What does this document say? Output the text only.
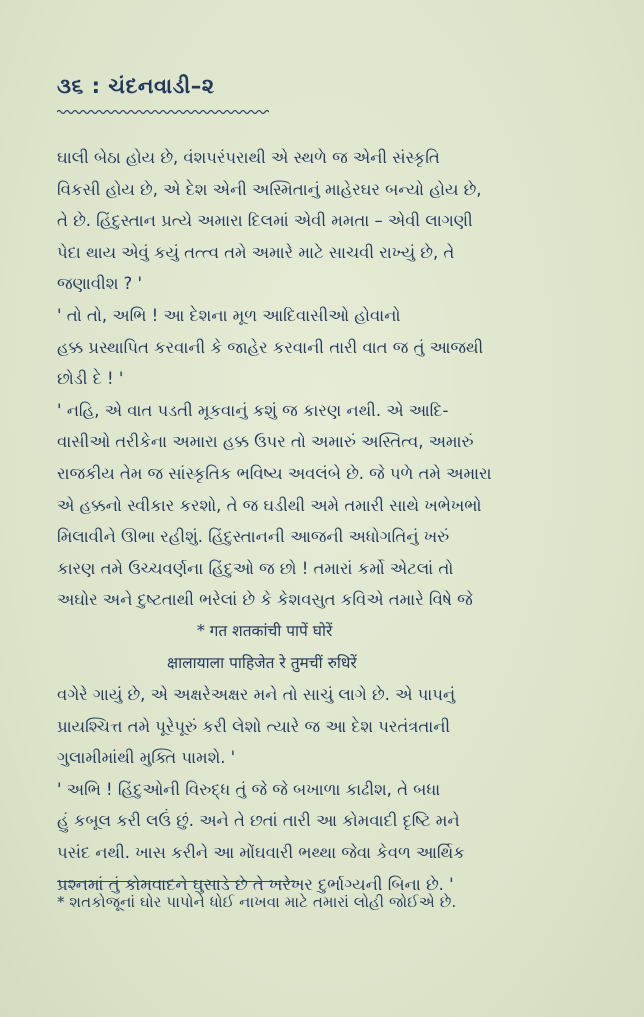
૩૬ : ચંદનવાડી–૨
ઘાલી બેઠા હોય છે, વંશપરંપરાથી એ સ્થળે જ એની સંસ્કૃતિ
વિકસી હોય છે, એ દેશ એની અસ્મિતાનું માહેરઘર બન્યો હોય છે,
તે છે. હિંદુસ્તાન પ્રત્યે અમારા દિલમાં એવી મમતા – એવી લાગણી
પેદા થાય એવું કયું તત્ત્વ તમે અમારે માટે સાચવી રાખ્યું છે, તે
જણાવીશ ? '
' તો તો, અભિ ! આ દેશના મૂળ આદિવાસીઓ હોવાનો
હક્ક પ્રસ્થાપિત કરવાની કે જાહેર કરવાની તારી વાત જ તું આજથી
છોડી દે ! '
' નહિ, એ વાત પડતી મૂકવાનું કશું જ કારણ નથી. એ આદિ-
વાસીઓ તરીકેના અમારા હક્ક ઉપર તો અમારું અસ્તિત્વ, અમારું
રાજકીય તેમ જ સાંસ્કૃતિક ભવિષ્ય અવલંબે છે. જે પળે તમે અમારા
એ હક્કનો સ્વીકાર કરશો, તે જ ઘડીથી અમે તમારી સાથે ખભેખભો
મિલાવીને ઊભા રહીશું. હિંદુસ્તાનની આજની અધોગતિનું ખરું
કારણ તમે ઉચ્ચવર્ણના હિંદુઓ જ છો ! તમારાં કર્મો એટલાં તો
અઘોર અને દુષ્ટતાથી ભરેલાં છે કે કેશવસુત કવિએ તમારે વિષે જે
* गत शतकांची पापें घोरें
क्षालायाला पाहिजेत रे तुमचीं रुधिरें
વગેરે ગાયું છે, એ અક્ષરેઅક્ષર મને તો સાચું લાગે છે. એ પાપનું
પ્રાયશ્ચિત્ત તમે પૂરેપૂરું કરી લેશો ત્યારે જ આ દેશ પરતંત્રતાની
ગુલામીમાંથી મુક્તિ પામશે. '
' અભિ ! હિંદુઓની વિરુદ્ધ તું જે જે બખાળા કાઢીશ, તે બધા
હું કબૂલ કરી લઉં છું. અને તે છતાં તારી આ કોમવાદી દૃષ્ટિ મને
પસંદ નથી. ખાસ કરીને આ મોંઘવારી ભથ્થા જેવા કેવળ આર્થિક
પ્રશ્નમાં તું કોમવાદને ઘુસાડે છે તે ખરેખર દુર્ભાગ્યની બિના છે. '
* શતકોજૂનાં ઘોર પાપોને ધોઈ નાખવા માટે તમારાં લોહી જોઈએ છે.
